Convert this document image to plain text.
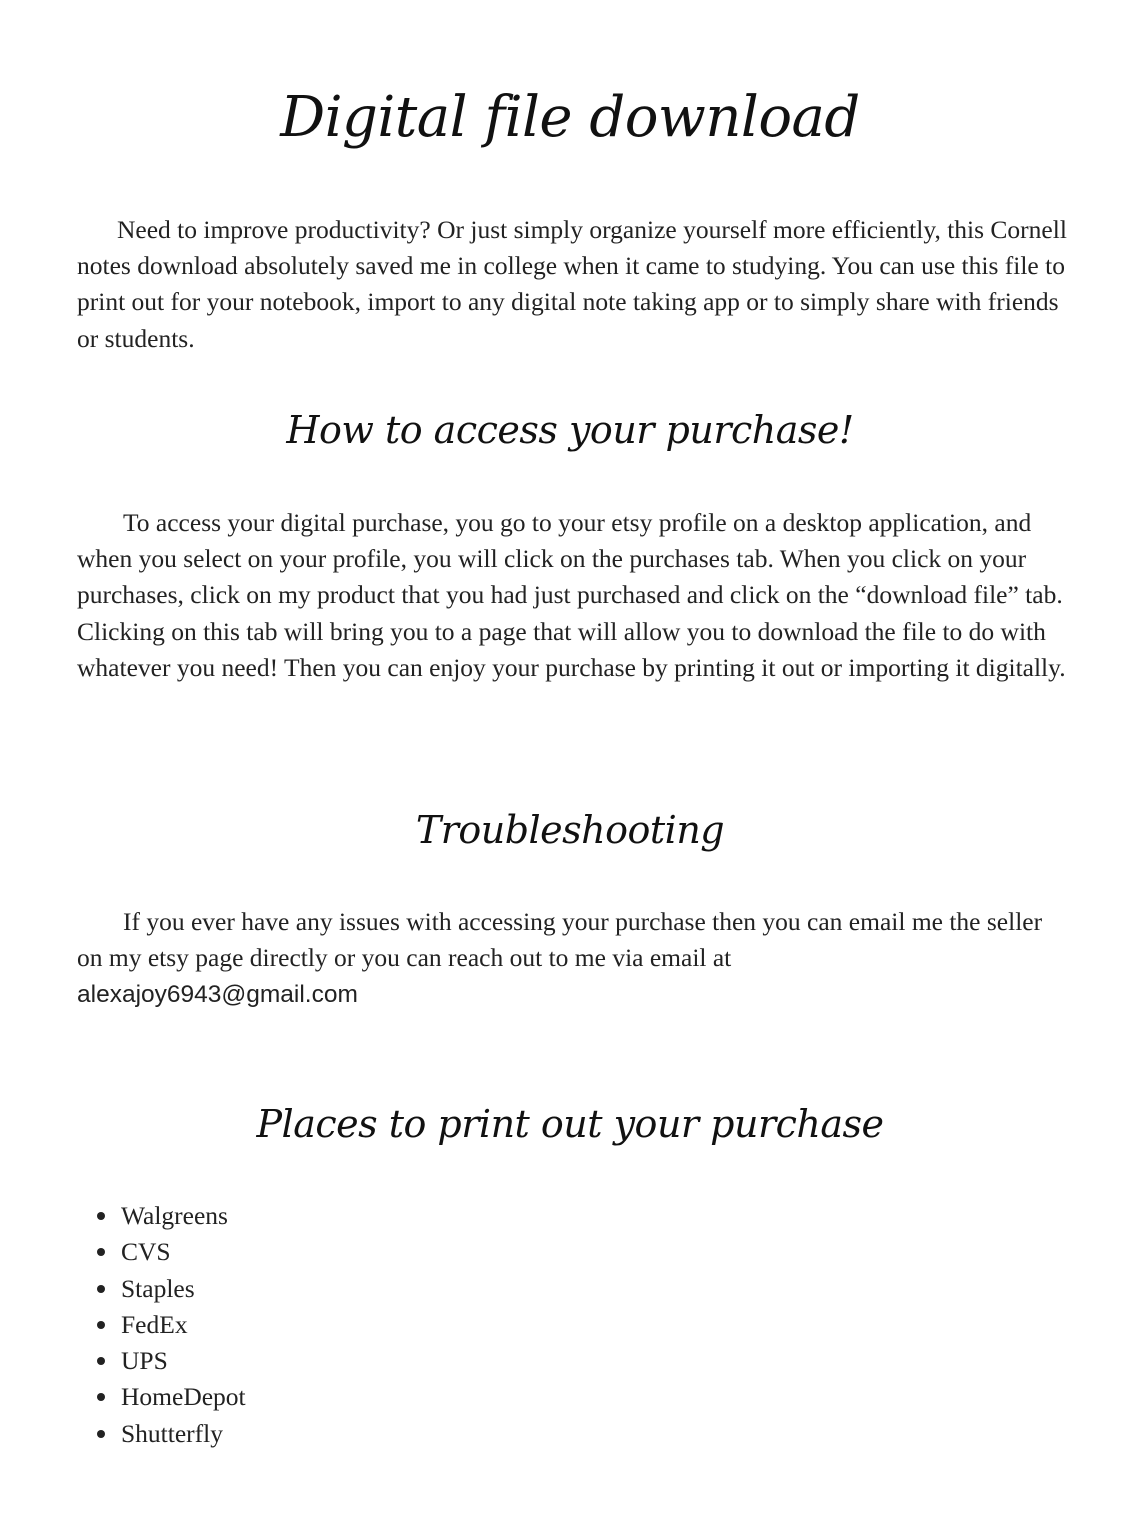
Digital file download

Need to improve productivity? Or just simply organize yourself more efficiently, this Cornell notes download absolutely saved me in college when it came to studying. You can use this file to print out for your notebook, import to any digital note taking app or to simply share with friends or students.

How to access your purchase!

To access your digital purchase, you go to your etsy profile on a desktop application, and when you select on your profile, you will click on the purchases tab. When you click on your purchases, click on my product that you had just purchased and click on the “download file” tab. Clicking on this tab will bring you to a page that will allow you to download the file to do with whatever you need! Then you can enjoy your purchase by printing it out or importing it digitally.

Troubleshooting

If you ever have any issues with accessing your purchase then you can email me the seller on my etsy page directly or you can reach out to me via email at
alexajoy6943@gmail.com

Places to print out your purchase
Walgreens
CVS
Staples
FedEx
UPS
HomeDepot
Shutterfly
